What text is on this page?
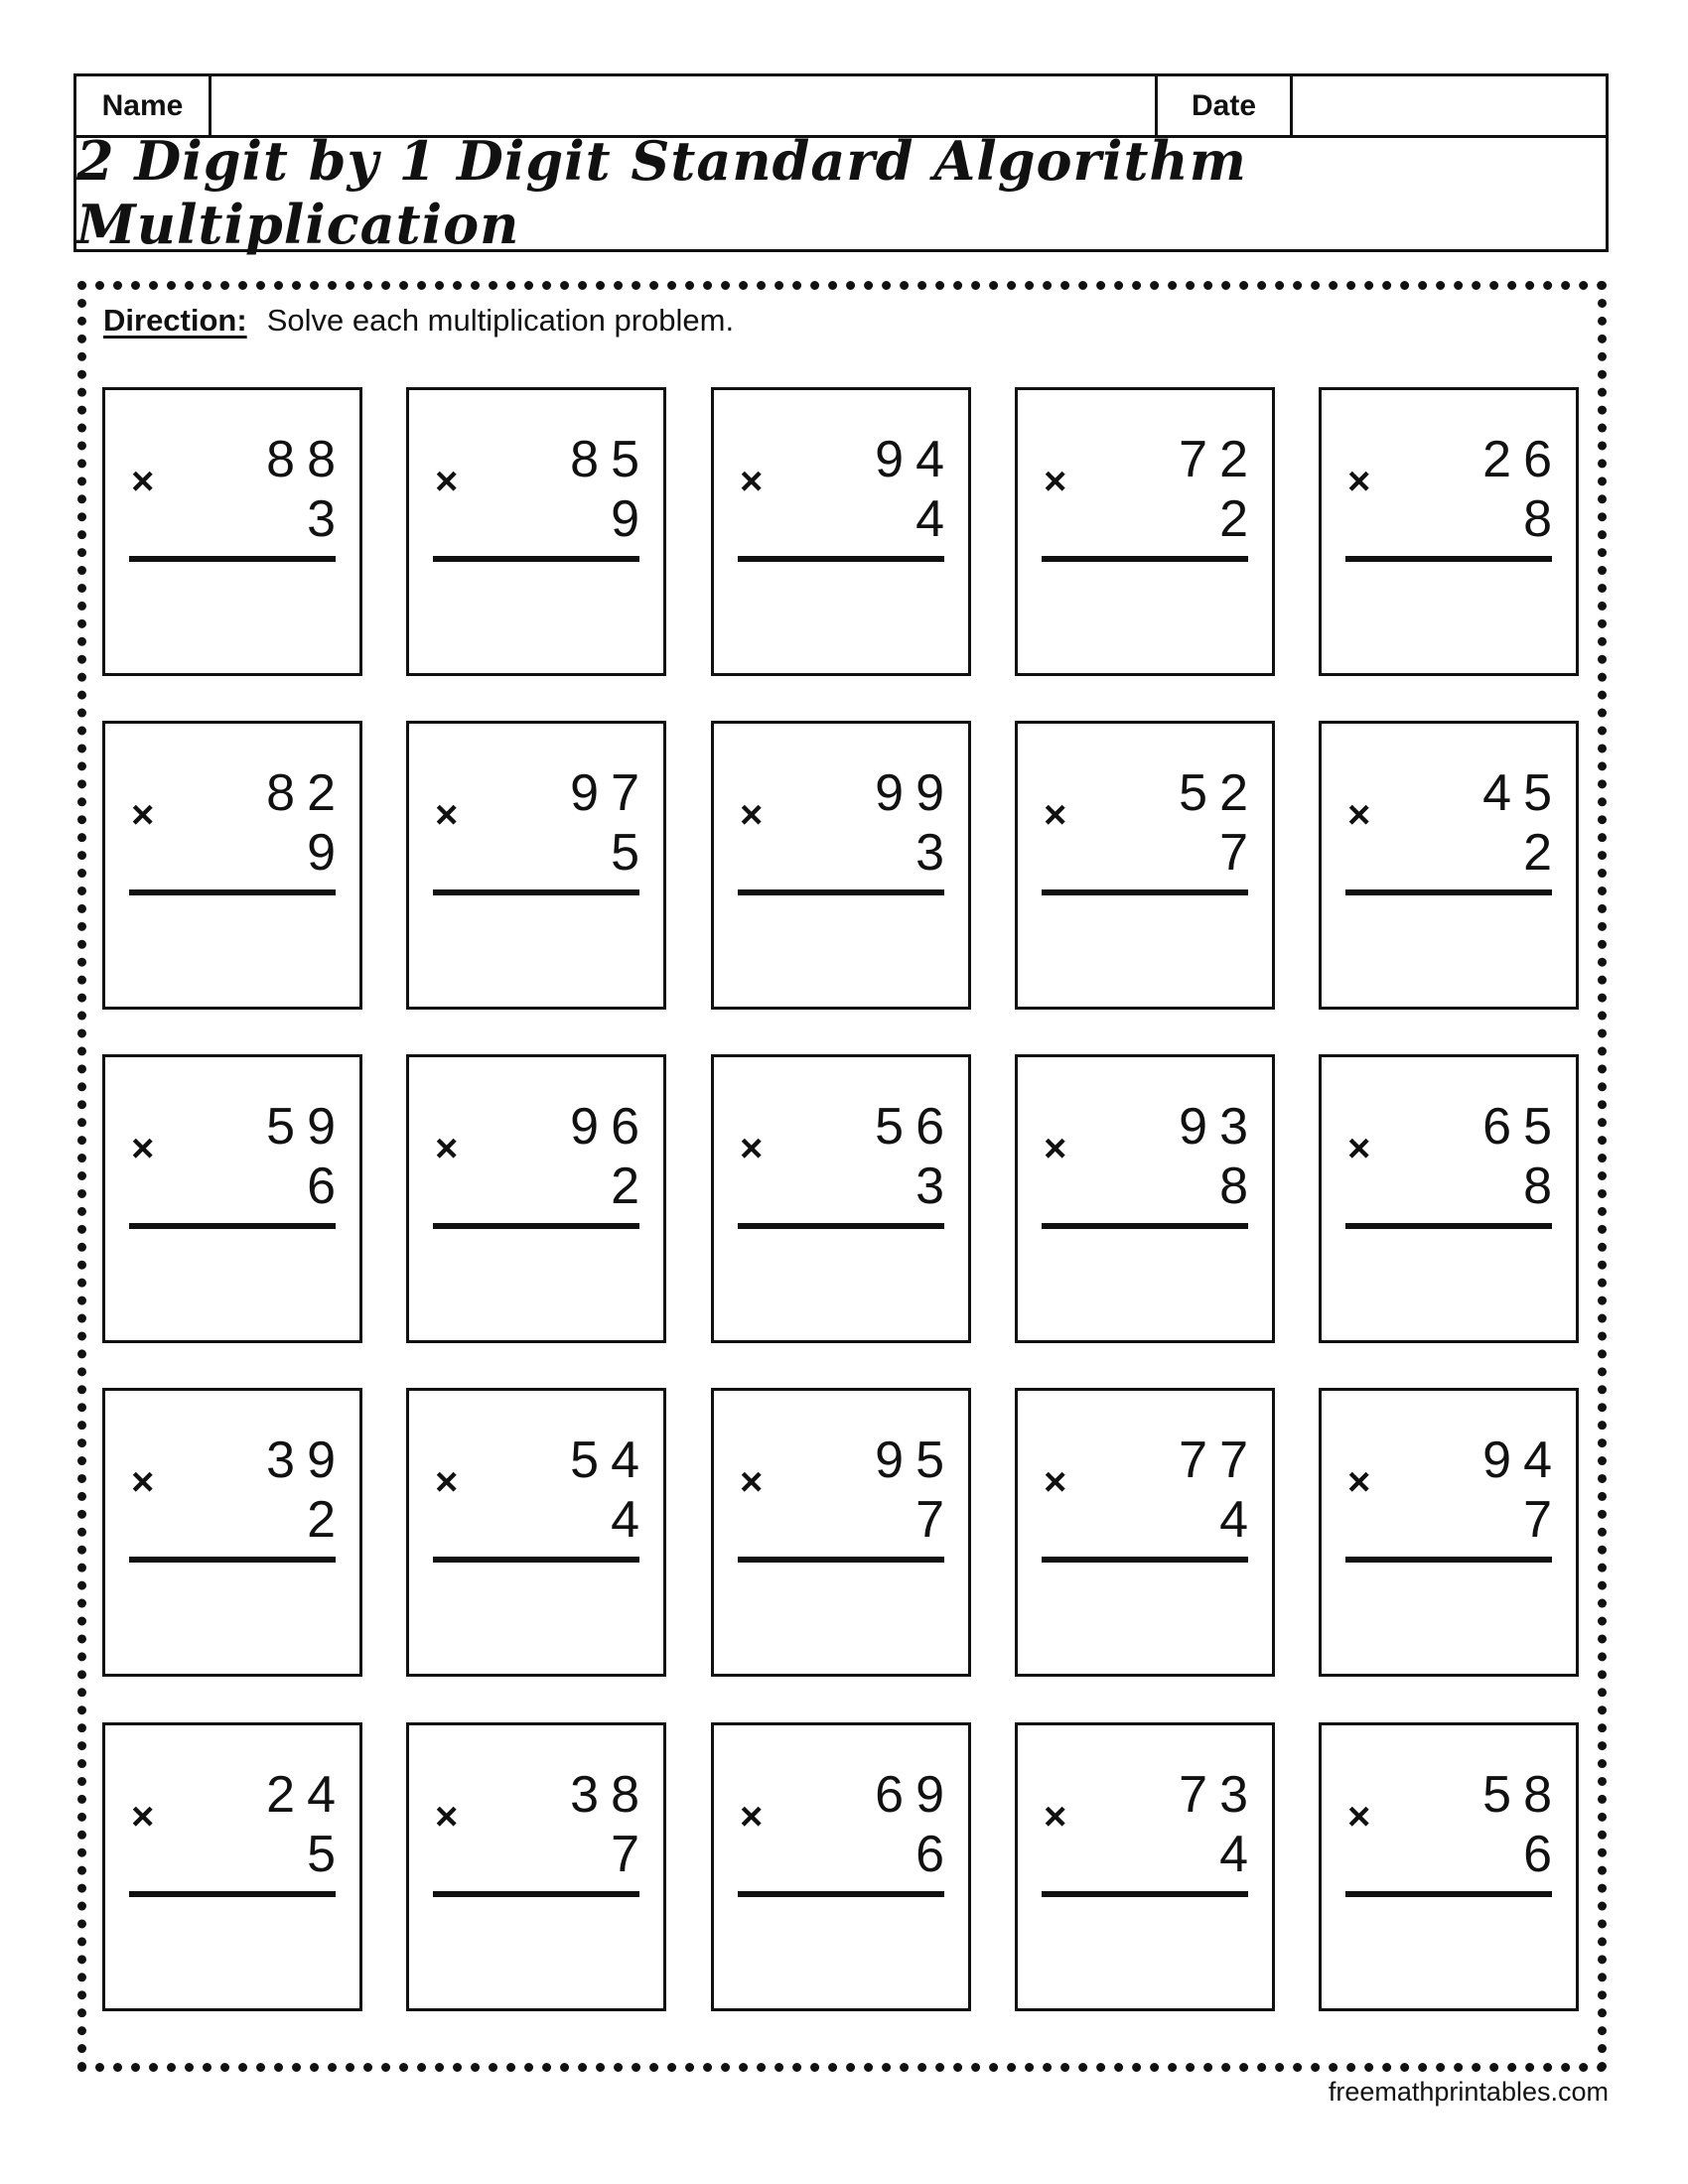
Name	Date
2 Digit by 1 Digit Standard Algorithm Multiplication
Direction: Solve each multiplication problem.
× 88
3
× 85
9
× 94
4
× 72
2
× 26
8
× 82
9
× 97
5
× 99
3
× 52
7
× 45
2
× 59
6
× 96
2
× 56
3
× 93
8
× 65
8
× 39
2
× 54
4
× 95
7
× 77
4
× 94
7
× 24
5
× 38
7
× 69
6
× 73
4
× 58
6
freemathprintables.com
